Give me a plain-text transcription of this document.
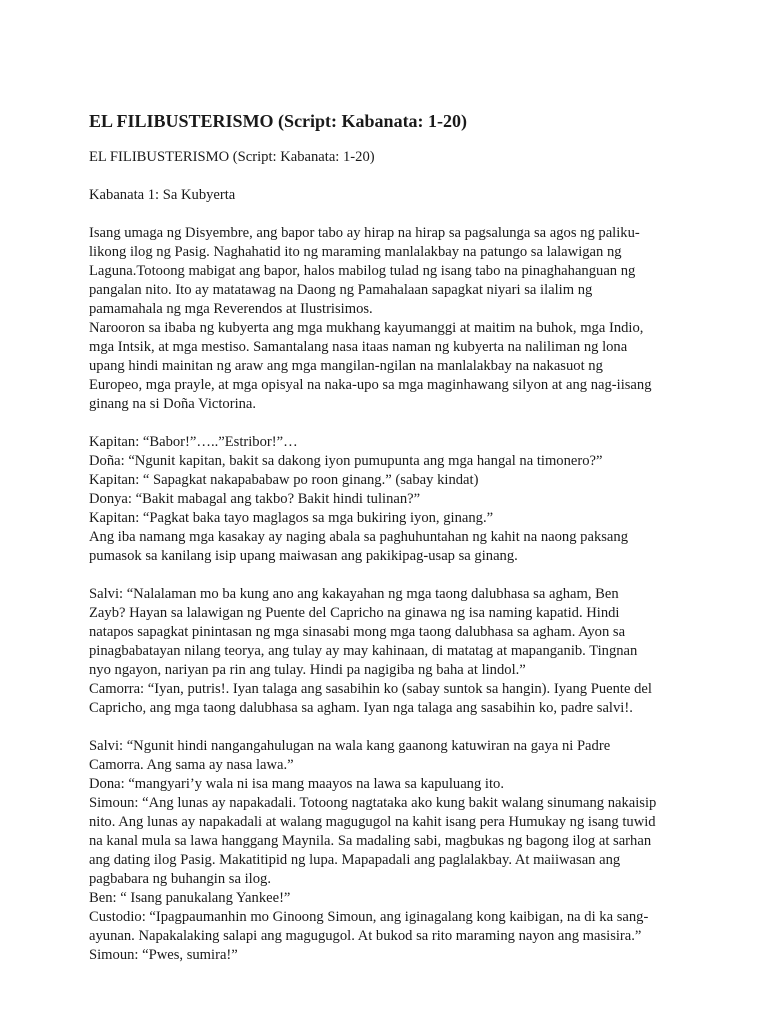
EL FILIBUSTERISMO (Script: Kabanata: 1-20)

EL FILIBUSTERISMO (Script: Kabanata: 1-20)

Kabanata 1: Sa Kubyerta

Isang umaga ng Disyembre, ang bapor tabo ay hirap na hirap sa pagsalunga sa agos ng paliku-
likong ilog ng Pasig. Naghahatid ito ng maraming manlalakbay na patungo sa lalawigan ng
Laguna.Totoong mabigat ang bapor, halos mabilog tulad ng isang tabo na pinaghahanguan ng
pangalan nito. Ito ay matatawag na Daong ng Pamahalaan sapagkat niyari sa ilalim ng
pamamahala ng mga Reverendos at Ilustrisimos.
Narooron sa ibaba ng kubyerta ang mga mukhang kayumanggi at maitim na buhok, mga Indio,
mga Intsik, at mga mestiso. Samantalang nasa itaas naman ng kubyerta na naliliman ng lona
upang hindi mainitan ng araw ang mga mangilan-ngilan na manlalakbay na nakasuot ng
Europeo, mga prayle, at mga opisyal na naka-upo sa mga maginhawang silyon at ang nag-iisang
ginang na si Doña Victorina.
Kapitan: “Babor!”…..”Estribor!”…
Doña: “Ngunit kapitan, bakit sa dakong iyon pumupunta ang mga hangal na timonero?”
Kapitan: “ Sapagkat nakapababaw po roon ginang.” (sabay kindat)
Donya: “Bakit mabagal ang takbo? Bakit hindi tulinan?”
Kapitan: “Pagkat baka tayo maglagos sa mga bukiring iyon, ginang.”
Ang iba namang mga kasakay ay naging abala sa paghuhuntahan ng kahit na naong paksang
pumasok sa kanilang isip upang maiwasan ang pakikipag-usap sa ginang.
Salvi: “Nalalaman mo ba kung ano ang kakayahan ng mga taong dalubhasa sa agham, Ben
Zayb? Hayan sa lalawigan ng Puente del Capricho na ginawa ng isa naming kapatid. Hindi
natapos sapagkat pinintasan ng mga sinasabi mong mga taong dalubhasa sa agham. Ayon sa
pinagbabatayan nilang teorya, ang tulay ay may kahinaan, di matatag at mapanganib. Tingnan
nyo ngayon, nariyan pa rin ang tulay. Hindi pa nagigiba ng baha at lindol.”
Camorra: “Iyan, putris!. Iyan talaga ang sasabihin ko (sabay suntok sa hangin). Iyang Puente del
Capricho, ang mga taong dalubhasa sa agham. Iyan nga talaga ang sasabihin ko, padre salvi!.
Salvi: “Ngunit hindi nangangahulugan na wala kang gaanong katuwiran na gaya ni Padre
Camorra. Ang sama ay nasa lawa.”
Dona: “mangyari’y wala ni isa mang maayos na lawa sa kapuluang ito.
Simoun: “Ang lunas ay napakadali. Totoong nagtataka ako kung bakit walang sinumang nakaisip
nito. Ang lunas ay napakadali at walang magugugol na kahit isang pera Humukay ng isang tuwid
na kanal mula sa lawa hanggang Maynila. Sa madaling sabi, magbukas ng bagong ilog at sarhan
ang dating ilog Pasig. Makatitipid ng lupa. Mapapadali ang paglalakbay. At maiiwasan ang
pagbabara ng buhangin sa ilog.
Ben: “ Isang panukalang Yankee!”
Custodio: “Ipagpaumanhin mo Ginoong Simoun, ang iginagalang kong kaibigan, na di ka sang-
ayunan. Napakalaking salapi ang magugugol. At bukod sa rito maraming nayon ang masisira.”
Simoun: “Pwes, sumira!”
